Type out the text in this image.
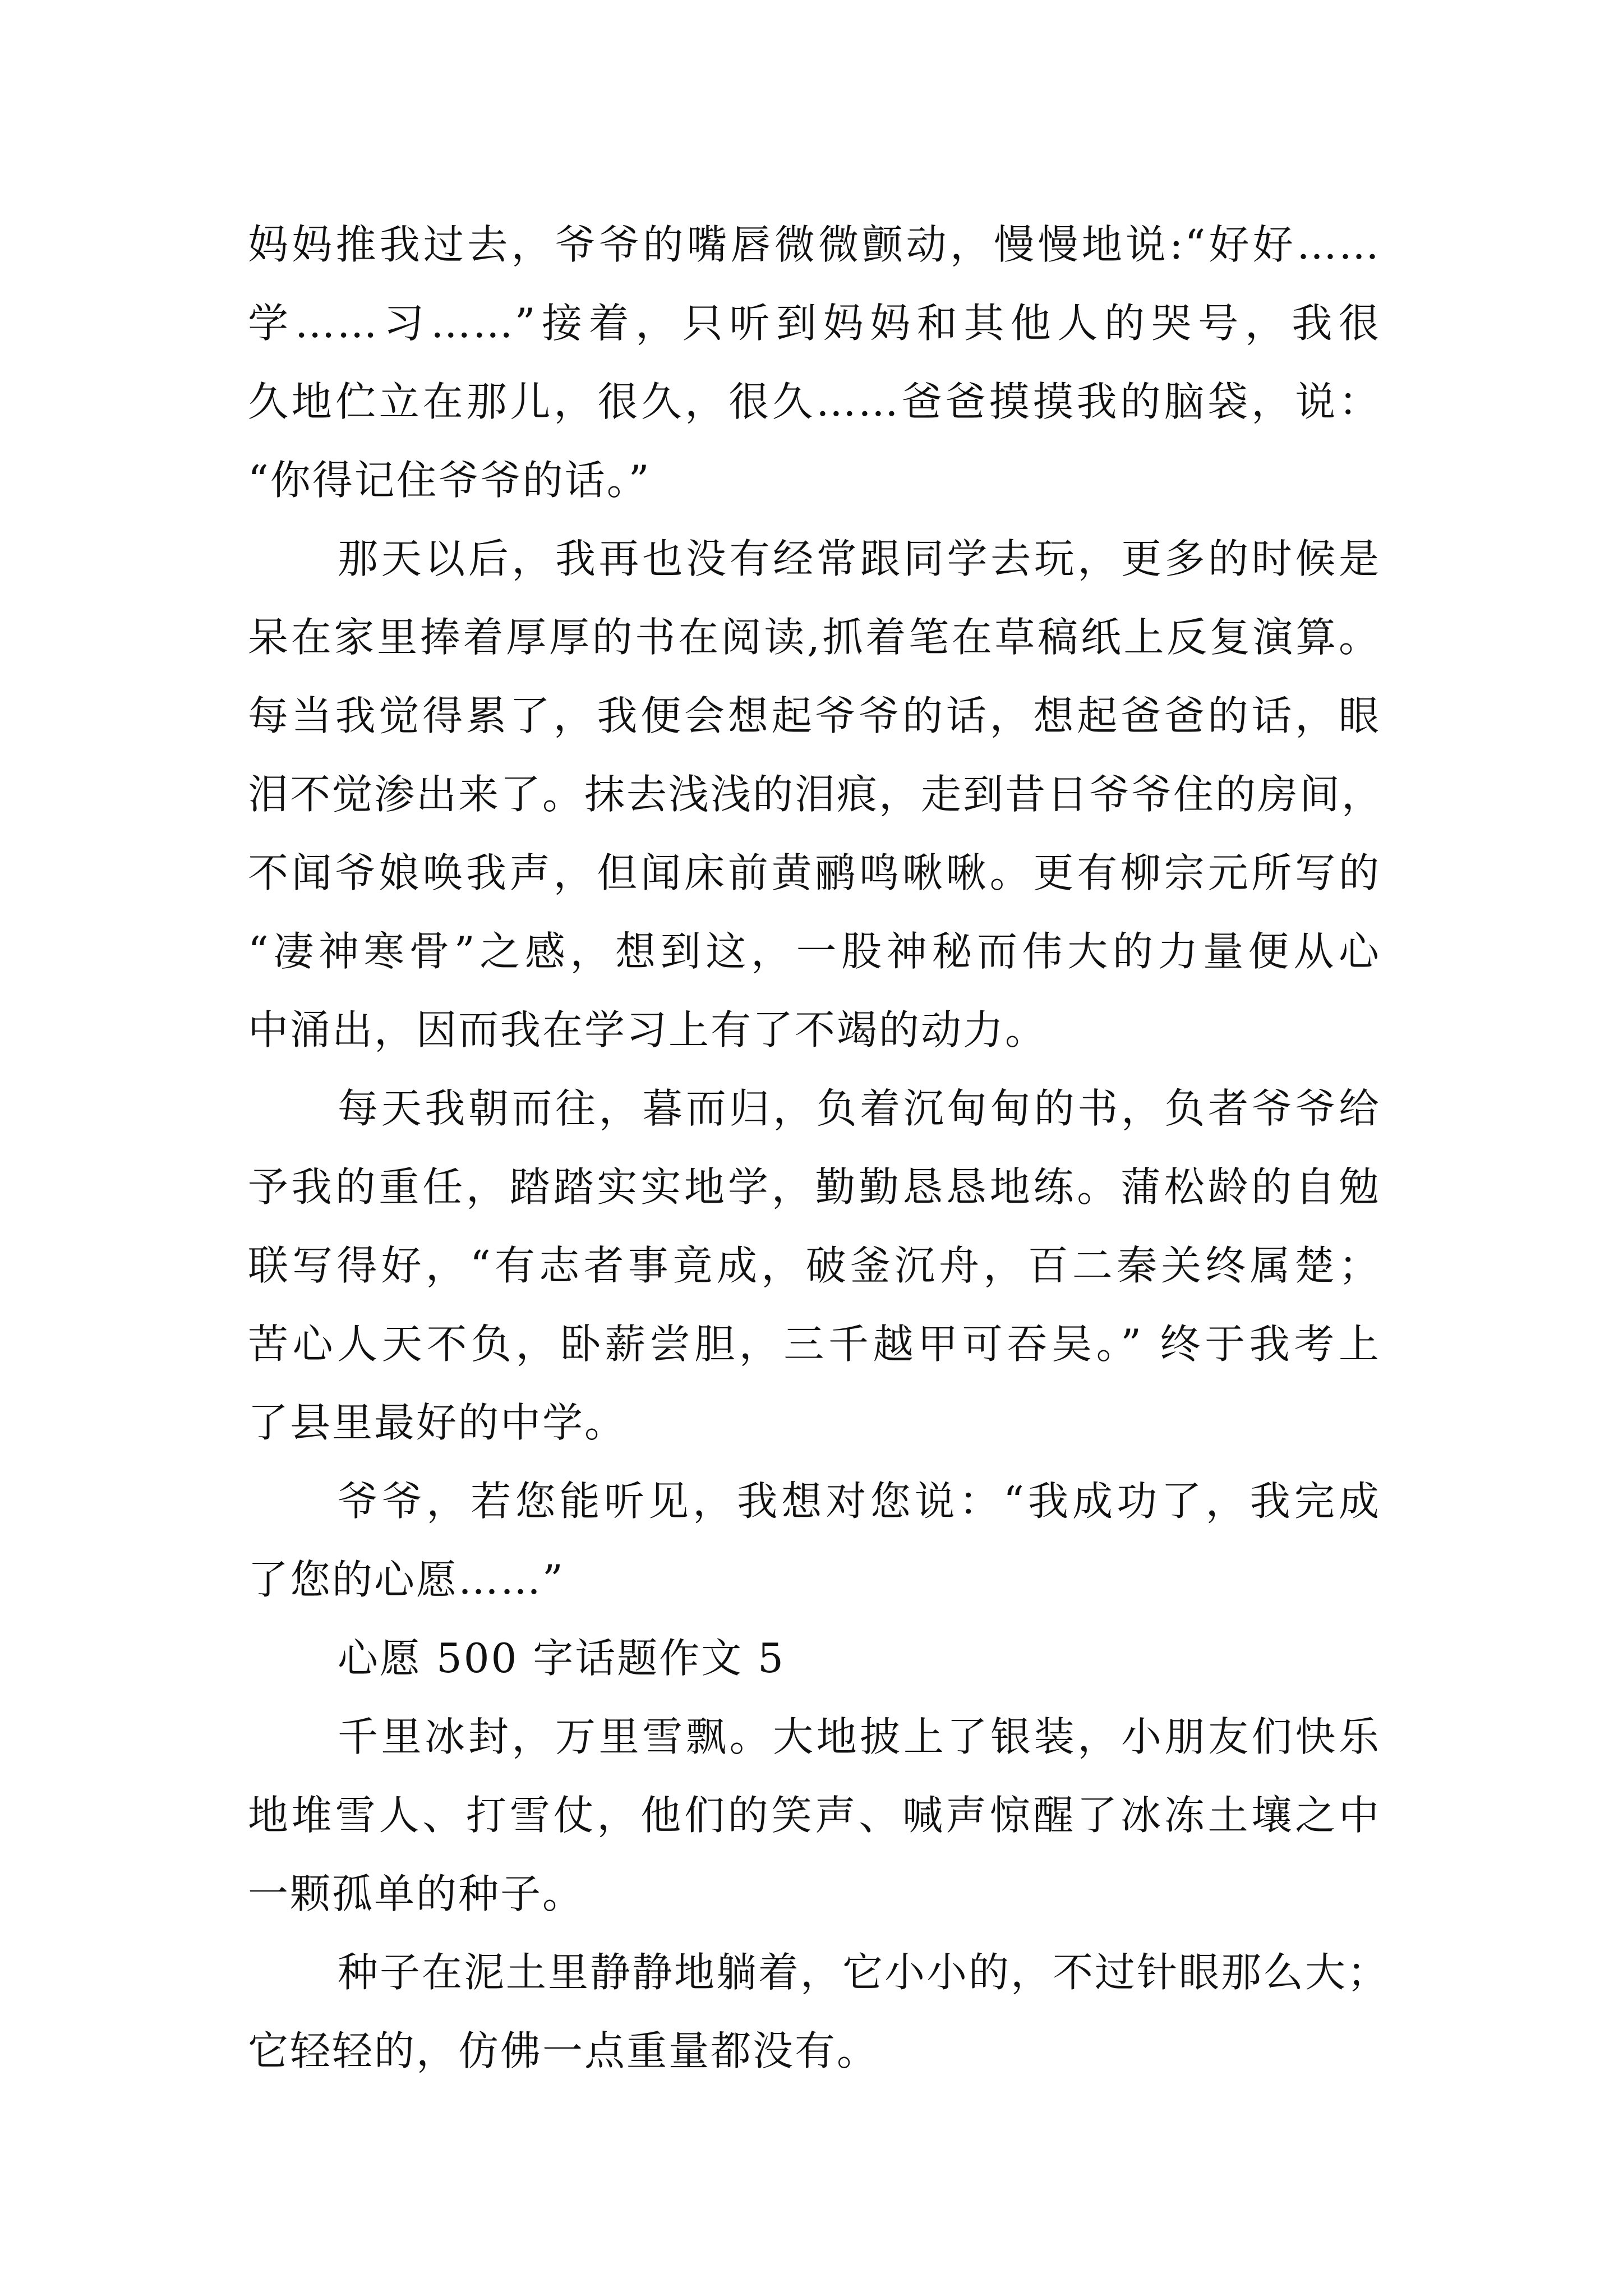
妈妈推我过去，爷爷的嘴唇微微颤动，慢慢地说:“好好……
学……习……”接着，只听到妈妈和其他人的哭号，我很
久地伫立在那儿，很久，很久……爸爸摸摸我的脑袋，说：
“你得记住爷爷的话。”
那天以后，我再也没有经常跟同学去玩，更多的时候是
呆在家里捧着厚厚的书在阅读,抓着笔在草稿纸上反复演算。
每当我觉得累了，我便会想起爷爷的话，想起爸爸的话，眼
泪不觉渗出来了。抹去浅浅的泪痕，走到昔日爷爷住的房间，
不闻爷娘唤我声，但闻床前黄鹂鸣啾啾。更有柳宗元所写的
“凄神寒骨”之感，想到这，一股神秘而伟大的力量便从心
中涌出，因而我在学习上有了不竭的动力。
每天我朝而往，暮而归，负着沉甸甸的书，负者爷爷给
予我的重任，踏踏实实地学，勤勤恳恳地练。蒲松龄的自勉
联写得好，“有志者事竟成，破釜沉舟，百二秦关终属楚；
苦心人天不负，卧薪尝胆，三千越甲可吞吴。” 终于我考上
了县里最好的中学。
爷爷，若您能听见，我想对您说：“我成功了，我完成
了您的心愿……”
心愿 500 字话题作文 5
千里冰封，万里雪飘。大地披上了银装，小朋友们快乐
地堆雪人、打雪仗，他们的笑声、喊声惊醒了冰冻土壤之中
一颗孤单的种子。
种子在泥土里静静地躺着，它小小的，不过针眼那么大；
它轻轻的，仿佛一点重量都没有。
